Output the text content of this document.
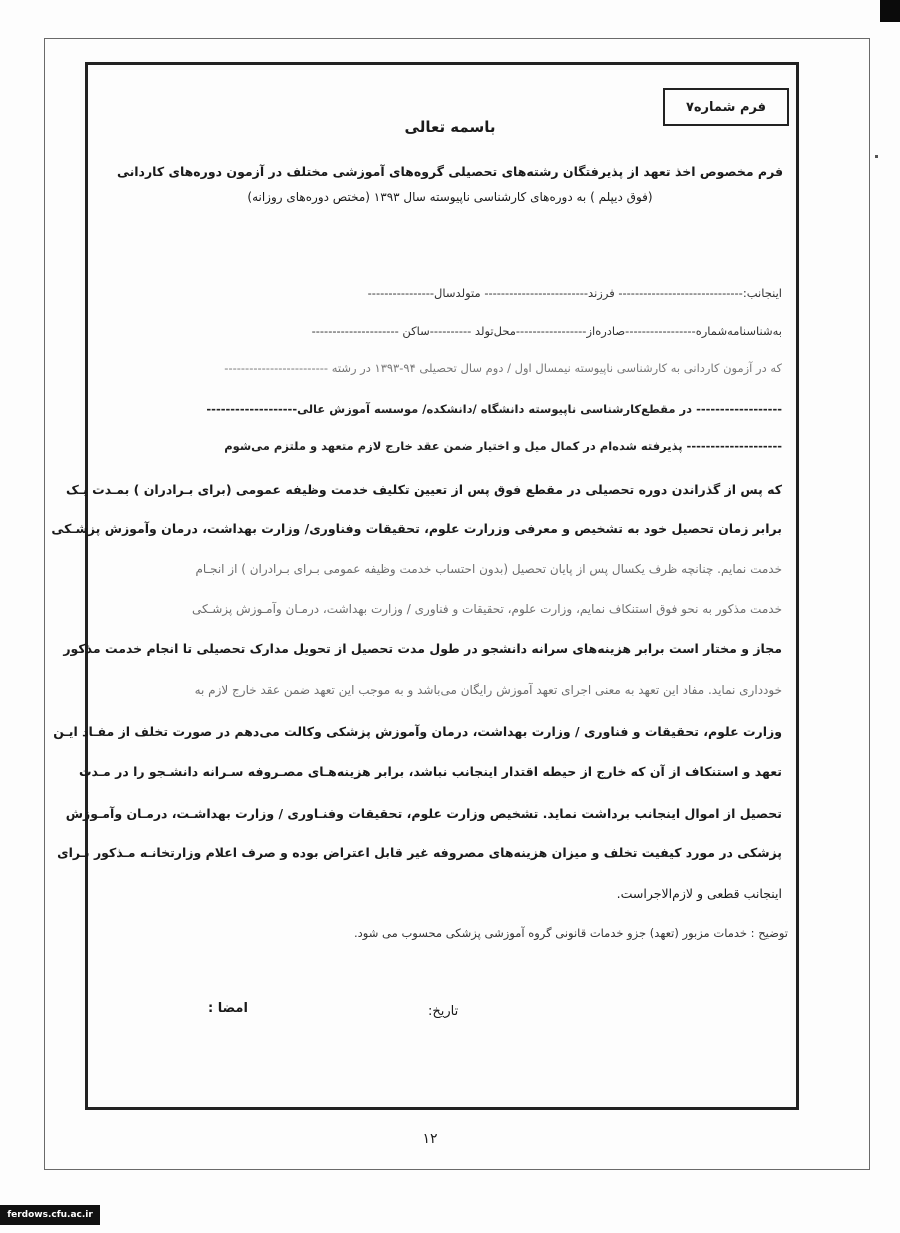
فرم شماره۷
باسمه تعالی
فرم مخصوص اخذ تعهد از پذیرفتگان رشته‌های تحصیلی گروه‌های آموزشی مختلف در آزمون دوره‌های کاردانی
(فوق دیپلم ) به دوره‌های کارشناسی ناپیوسته سال ۱۳۹۳ (مختص دوره‌های روزانه)
اینجانب:------------------------------ فرزند------------------------- متولدسال----------------
به‌شناسنامه‌شماره-----------------صادره‌از-----------------محل‌تولد ----------ساکن ---------------------
که در آزمون کاردانی به کارشناسی ناپیوسته نیمسال اول / دوم سال تحصیلی ۹۴-۱۳۹۳ در رشته -------------------------
------------------ در مقطع‌کارشناسی ناپیوسته دانشگاه /دانشکده/ موسسه آموزش عالی-------------------
-------------------- پذیرفته شده‌ام در کمال میل و اختیار ضمن عقد خارج لازم متعهد و ملتزم می‌شوم
که پس از گذراندن دوره تحصیلی در مقطع فوق پس از تعیین تکلیف خدمت وظیفه عمومی (برای بـرادران ) بمـدت یـک
برابر زمان تحصیل خود به تشخیص و معرفی وزرارت علوم، تحقیقات وفناوری/ وزارت بهداشت، درمان وآموزش پزشـکی
خدمت نمایم. چنانچه ظرف یکسال پس از پایان تحصیل (بدون احتساب خدمت وظیفه عمومی بـرای بـرادران ) از انجـام
خدمت مذکور به نحو فوق استنکاف نمایم، وزارت علوم، تحقیقات و فناوری / وزارت بهداشت، درمـان وآمـوزش پزشـکی
مجاز و مختار است برابر هزینه‌های سرانه دانشجو در طول مدت تحصیل از تحویل مدارک تحصیلی تا انجام خدمت مذکور
خودداری نماید. مفاد این تعهد به معنی اجرای تعهد آموزش رایگان می‌باشد و به موجب این تعهد ضمن عقد خارج لازم به
وزارت علوم، تحقیقات و فناوری / وزارت بهداشت، درمان وآموزش پزشکی وکالت می‌دهم در صورت تخلف از مفـاد ایـن
تعهد و استنکاف از آن که خارج از حیطه اقتدار اینجانب نباشد، برابر هزینه‌هـای مصـروفه سـرانه دانشـجو را در مـدت
تحصیل از اموال اینجانب برداشت نماید. تشخیص وزارت علوم، تحقیقات وفنـاوری / وزارت بهداشـت، درمـان وآمـوزش
پزشکی در مورد کیفیت تخلف و میزان هزینه‌های مصروفه غیر قابل اعتراض بوده و صرف اعلام وزارتخانـه مـذکور بـرای
اینجانب قطعی و لازم‌الاجراست.
توضیح : خدمات مزبور (تعهد) جزو خدمات قانونی گروه آموزشی پزشکی محسوب می شود.
امضا :	تاریخ:
۱۲
ferdows.cfu.ac.ir
